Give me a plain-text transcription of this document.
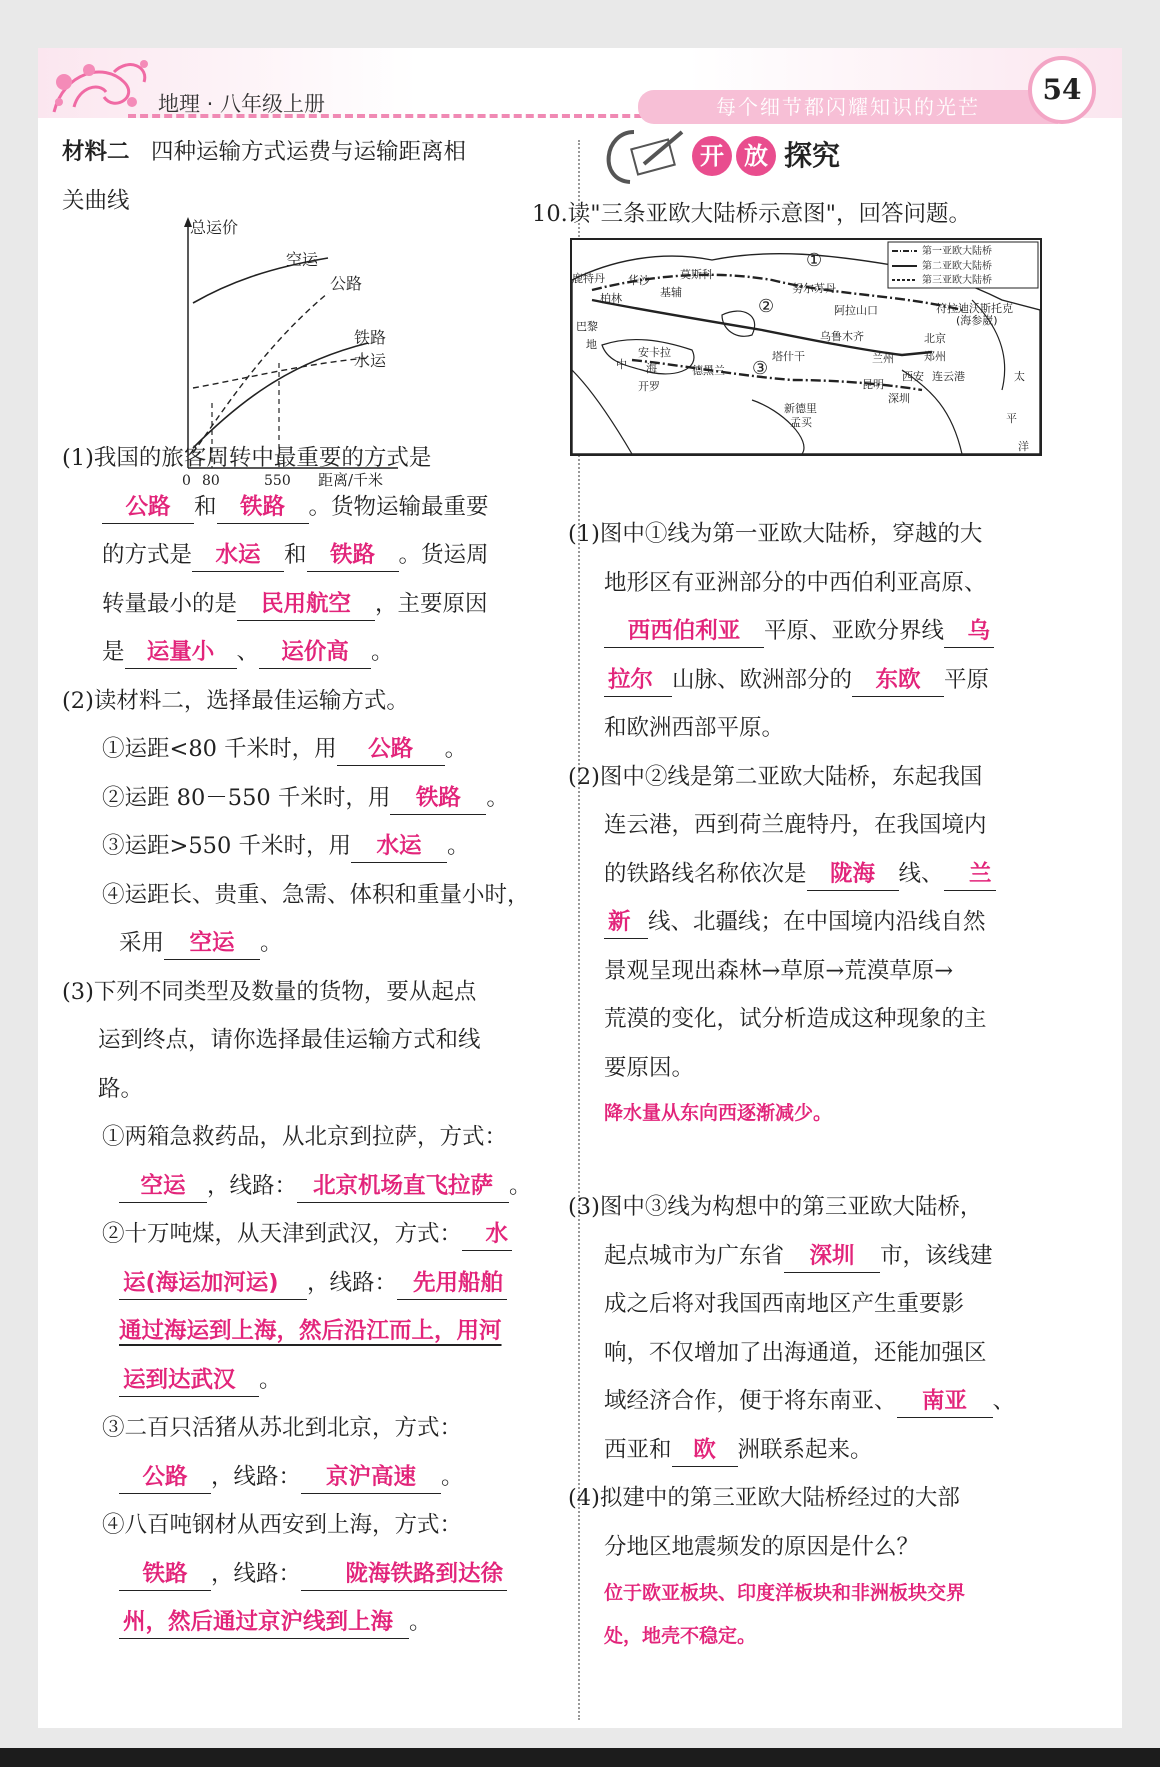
地理 · 八年级上册	每个细节都闪耀知识的光芒
54
材料二 四种运输方式运费与运输距离相
关曲线
总运价
距离/千米
0 80	550
空运
公路
铁路
水运
(1)我国的旅客周转中最重要的方式是
公路 和 铁路 。货物运输最重要
的方式是 水运 和 铁路 。货运周
转量最小的是 民用航空 ，主要原因
是 运量小 、 运价高 。
(2)读材料二，选择最佳运输方式。
①运距<80 千米时，用 公路 。
②运距 80－550 千米时，用 铁路 。
③运距>550 千米时，用 水运 。
④运距长、贵重、急需、体积和重量小时，
采用 空运 。
(3)下列不同类型及数量的货物，要从起点
运到终点，请你选择最佳运输方式和线
路。
①两箱急救药品，从北京到拉萨，方式：
空运 ，线路： 北京机场直飞拉萨 。
②十万吨煤，从天津到武汉，方式： 水
运(海运加河运) ，线路： 先用船舶
通过海运到上海，然后沿江而上，用河
运到达武汉 。
③二百只活猪从苏北到北京，方式：
公路 ，线路： 京沪高速 。
④八百吨钢材从西安到上海，方式：
铁路 ，线路： 陇海铁路到达徐
州，然后通过京沪线到上海 。
开 放 探究
10.读"三条亚欧大陆桥示意图"，回答问题。
第一亚欧大陆桥
第二亚欧大陆桥
第三亚欧大陆桥
鹿特丹 华沙	莫斯科
柏林	基辅	努尔苏丹
巴黎
阿拉山口	符拉迪沃斯托克
(海参崴)
北京
郑州
乌鲁木齐
塔什干	兰州
地
中 海
安卡拉
开罗
德黑兰	西安 连云港
昆明
深圳
新德里
孟买
太
平
洋
①
②
③
(1)图中①线为第一亚欧大陆桥，穿越的大
地形区有亚洲部分的中西伯利亚高原、
西西伯利亚 平原、亚欧分界线 乌
拉尔 山脉、欧洲部分的 东欧 平原
和欧洲西部平原。
(2)图中②线是第二亚欧大陆桥，东起我国
连云港，西到荷兰鹿特丹，在我国境内
的铁路线名称依次是 陇海 线、 兰
新 线、北疆线；在中国境内沿线自然
景观呈现出森林→草原→荒漠草原→
荒漠的变化，试分析造成这种现象的主
要原因。
降水量从东向西逐渐减少。
(3)图中③线为构想中的第三亚欧大陆桥，
起点城市为广东省 深圳 市，该线建
成之后将对我国西南地区产生重要影
响，不仅增加了出海通道，还能加强区
域经济合作，便于将东南亚、 南亚 、
西亚和 欧 洲联系起来。
(4)拟建中的第三亚欧大陆桥经过的大部
分地区地震频发的原因是什么？
位于欧亚板块、印度洋板块和非洲板块交界
处，地壳不稳定。
